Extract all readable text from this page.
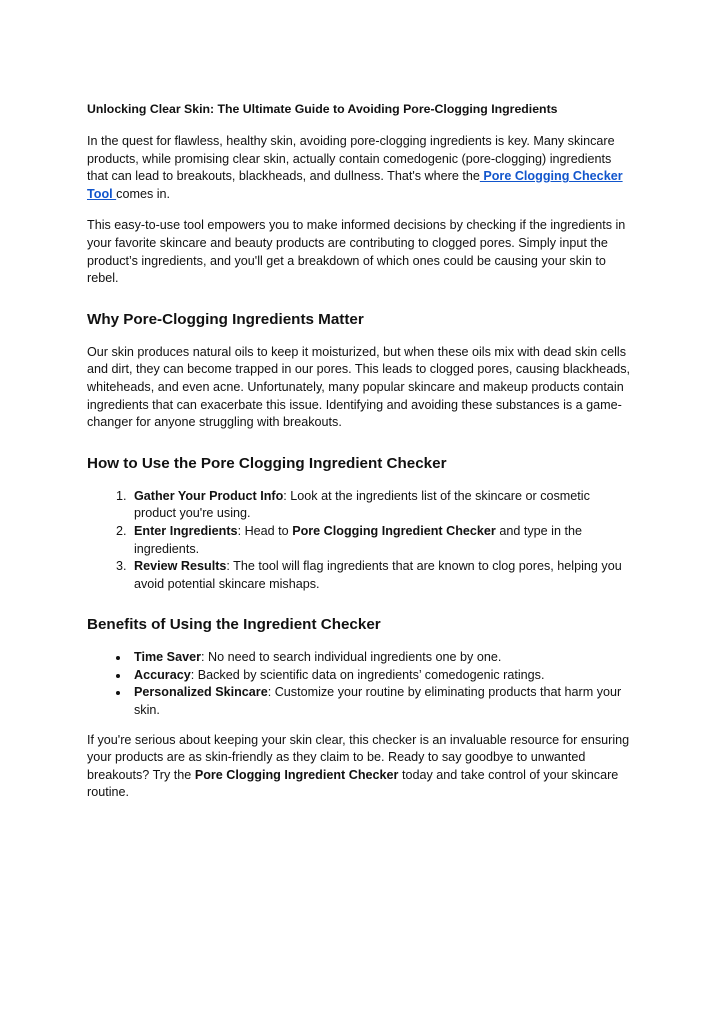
Unlocking Clear Skin: The Ultimate Guide to Avoiding Pore-Clogging Ingredients

In the quest for flawless, healthy skin, avoiding pore-clogging ingredients is key. Many skincare products, while promising clear skin, actually contain comedogenic (pore-clogging) ingredients that can lead to breakouts, blackheads, and dullness. That's where the Pore Clogging Checker Tool comes in.

This easy-to-use tool empowers you to make informed decisions by checking if the ingredients in your favorite skincare and beauty products are contributing to clogged pores. Simply input the product’s ingredients, and you'll get a breakdown of which ones could be causing your skin to rebel.

Why Pore-Clogging Ingredients Matter

Our skin produces natural oils to keep it moisturized, but when these oils mix with dead skin cells and dirt, they can become trapped in our pores. This leads to clogged pores, causing blackheads, whiteheads, and even acne. Unfortunately, many popular skincare and makeup products contain ingredients that can exacerbate this issue. Identifying and avoiding these substances is a game-changer for anyone struggling with breakouts.

How to Use the Pore Clogging Ingredient Checker
1. Gather Your Product Info: Look at the ingredients list of the skincare or cosmetic product you're using.
2. Enter Ingredients: Head to Pore Clogging Ingredient Checker and type in the ingredients.
3. Review Results: The tool will flag ingredients that are known to clog pores, helping you avoid potential skincare mishaps.
Benefits of Using the Ingredient Checker
• Time Saver: No need to search individual ingredients one by one.
• Accuracy: Backed by scientific data on ingredients’ comedogenic ratings.
• Personalized Skincare: Customize your routine by eliminating products that harm your skin.

If you're serious about keeping your skin clear, this checker is an invaluable resource for ensuring your products are as skin-friendly as they claim to be. Ready to say goodbye to unwanted breakouts? Try the Pore Clogging Ingredient Checker today and take control of your skincare routine.
